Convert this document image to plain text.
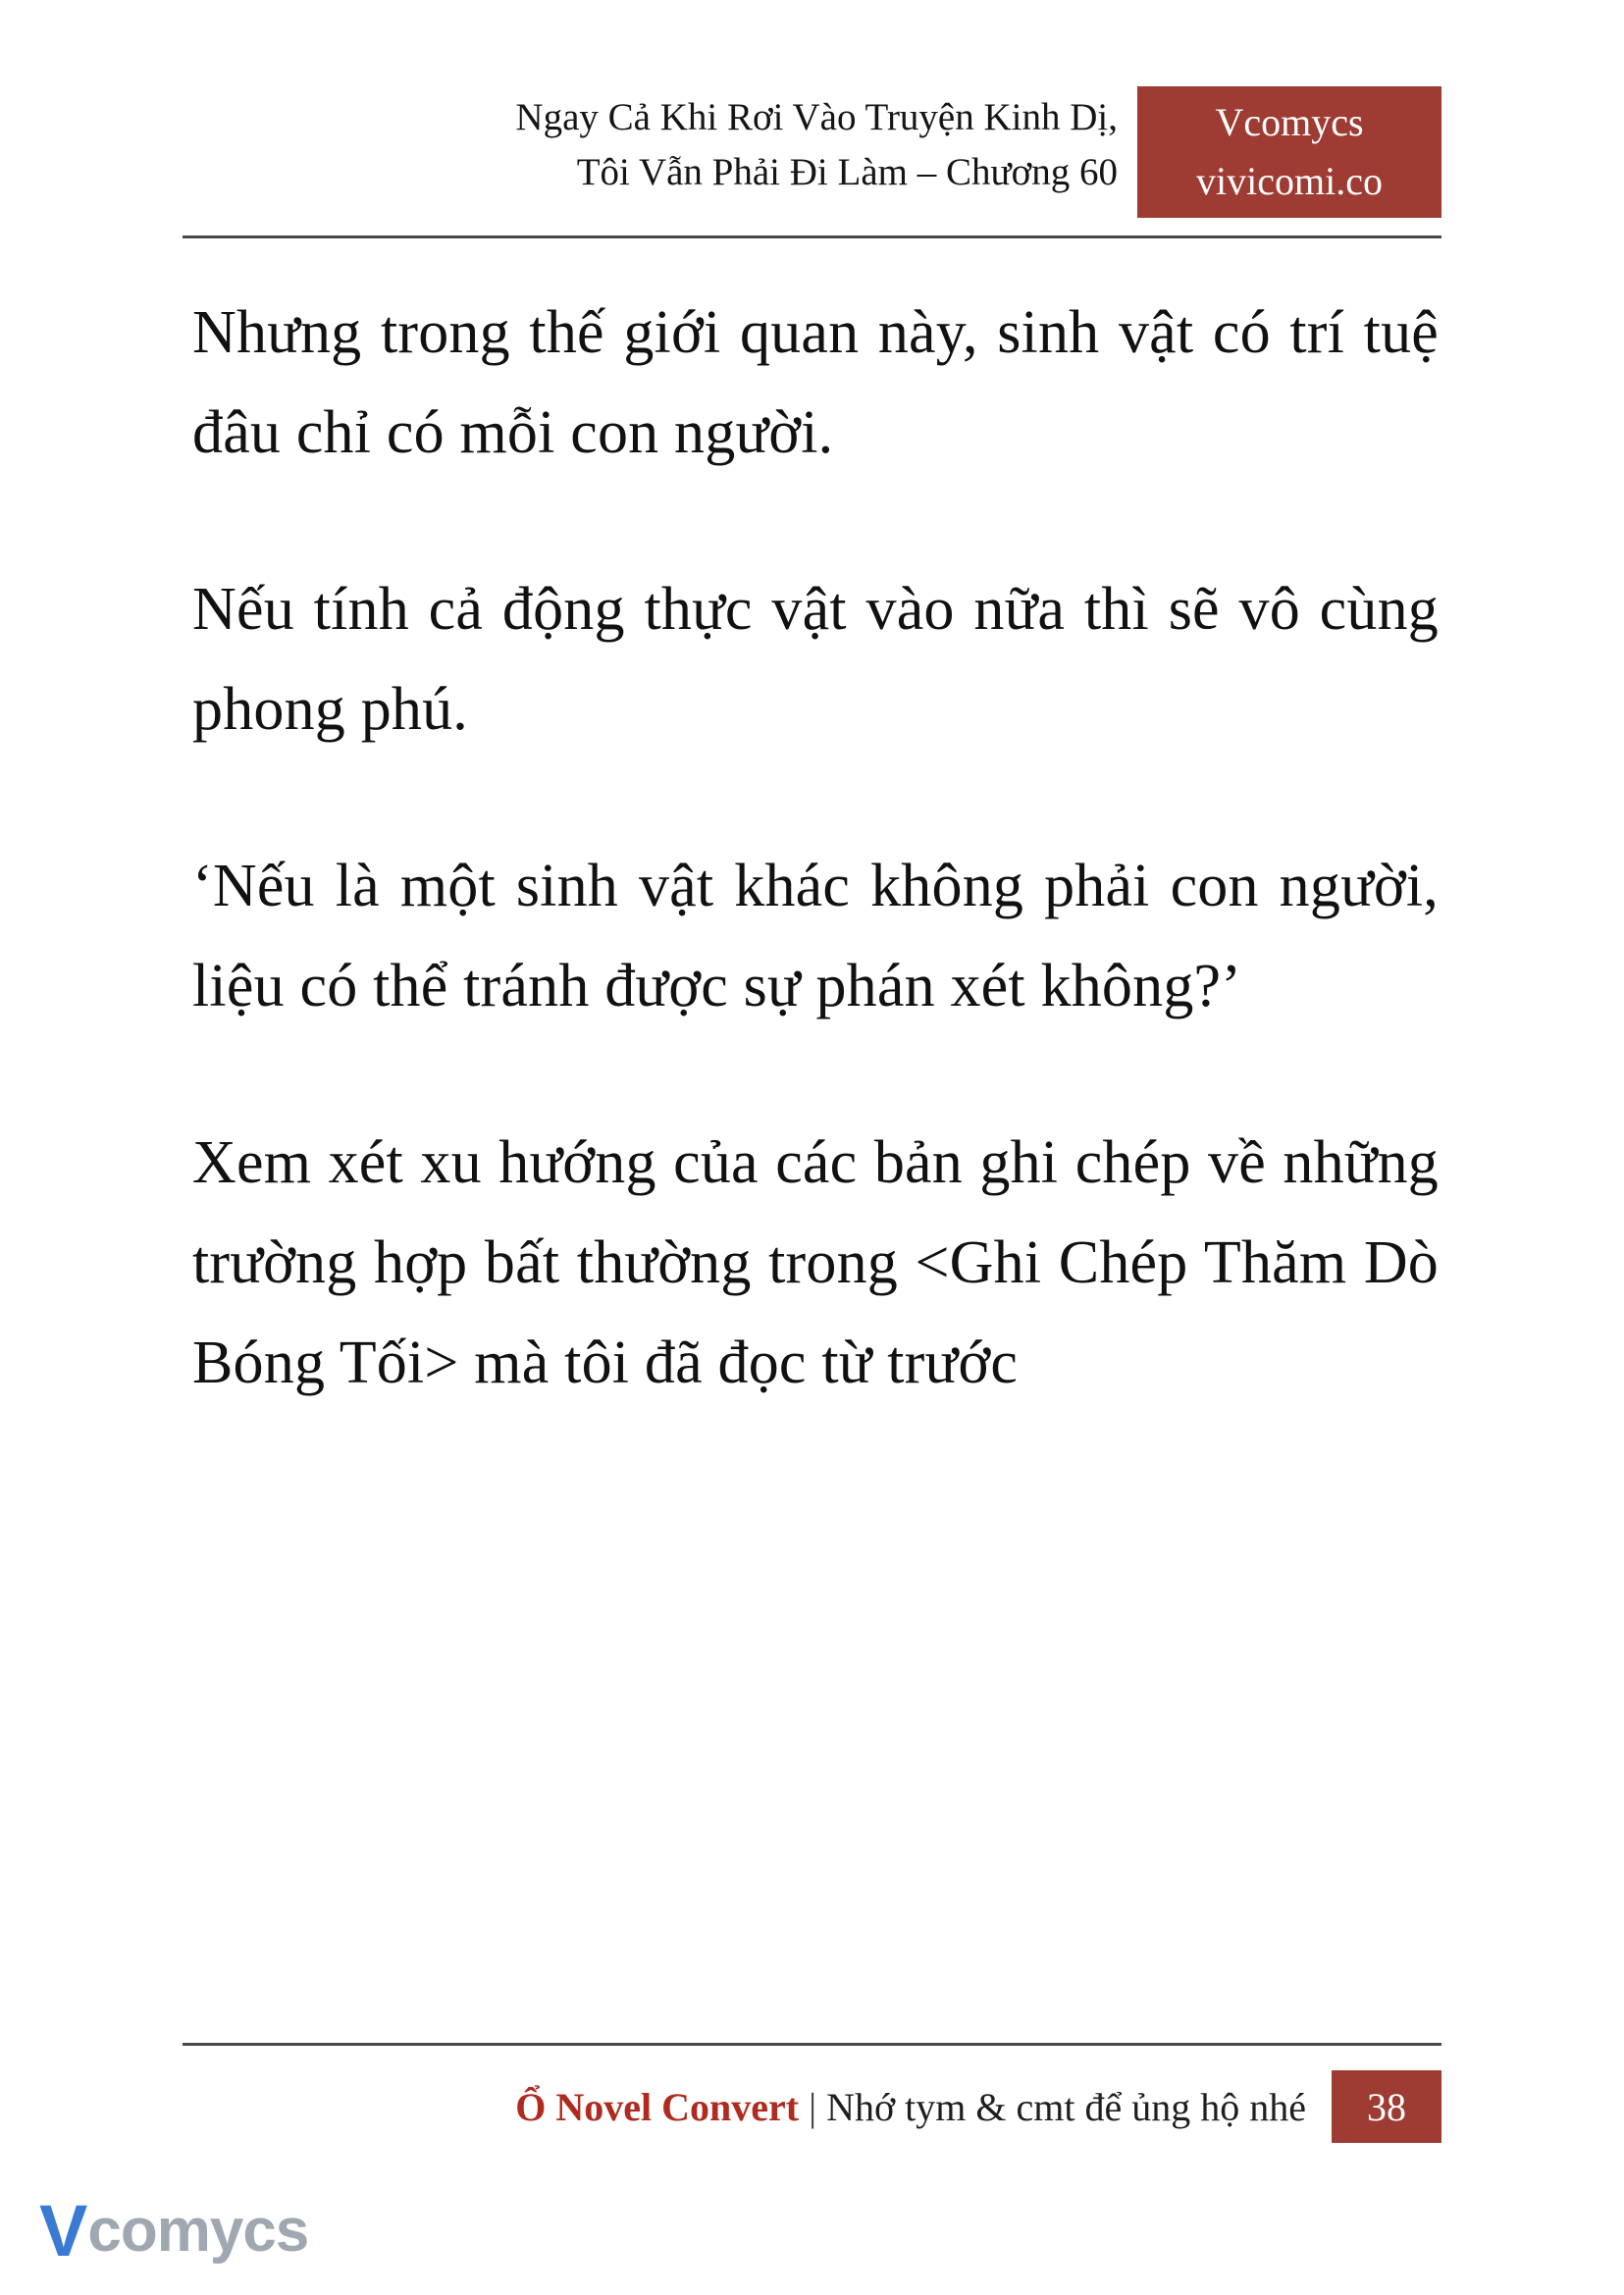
Ngay Cả Khi Rơi Vào Truyện Kinh Dị,
Tôi Vẫn Phải Đi Làm – Chương 60
Vcomycs
vivicomi.co

Nhưng trong thế giới quan này, sinh vật có trí tuệ đâu chỉ có mỗi con người.

Nếu tính cả động thực vật vào nữa thì sẽ vô cùng phong phú.

‘Nếu là một sinh vật khác không phải con người, liệu có thể tránh được sự phán xét không?’

Xem xét xu hướng của các bản ghi chép về những trường hợp bất thường trong <Ghi Chép Thăm Dò Bóng Tối> mà tôi đã đọc từ trước

Ổ Novel Convert | Nhớ tym & cmt để ủng hộ nhé	38
V comycs
